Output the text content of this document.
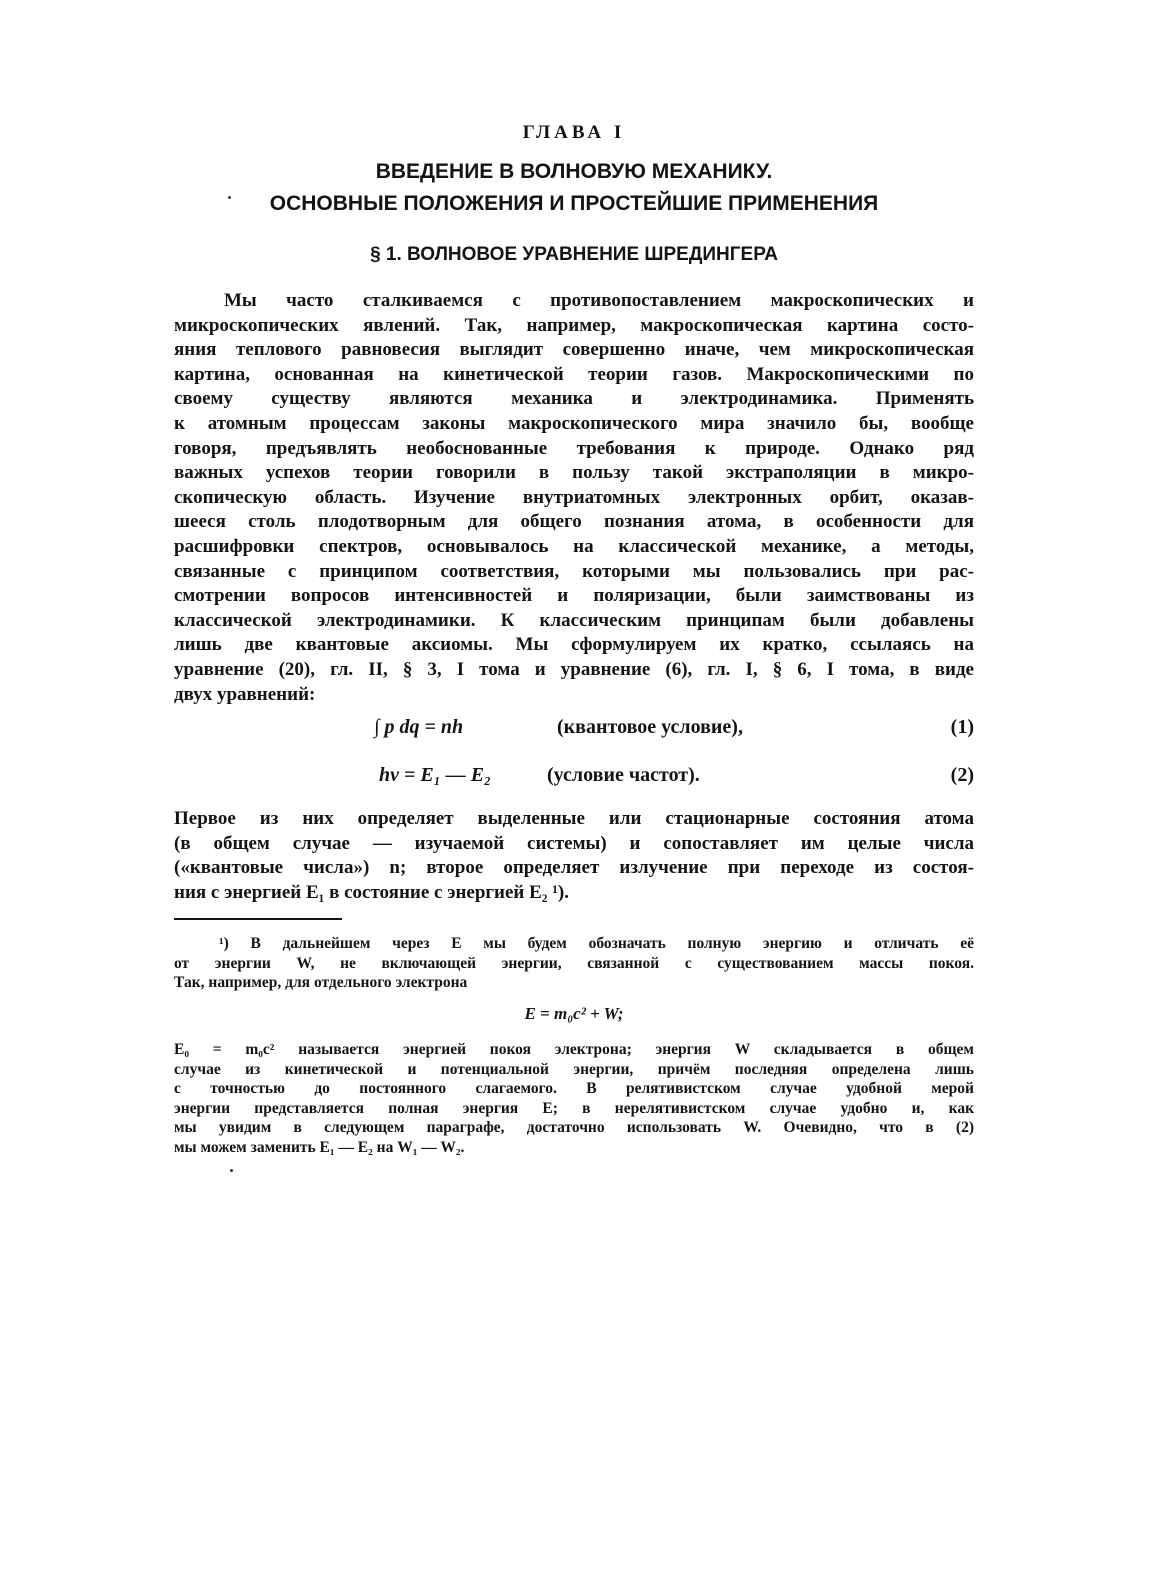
ГЛАВА I
ВВЕДЕНИЕ В ВОЛНОВУЮ МЕХАНИКУ.
ОСНОВНЫЕ ПОЛОЖЕНИЯ И ПРОСТЕЙШИЕ ПРИМЕНЕНИЯ
§ 1. ВОЛНОВОЕ УРАВНЕНИЕ ШРЕДИНГЕРА
Мы часто сталкиваемся с противопоставлением макроскопических и
микроскопических явлений. Так, например, макроскопическая картина состо-
яния теплового равновесия выглядит совершенно иначе, чем микроскопическая
картина, основанная на кинетической теории газов. Макроскопическими по
своему существу являются механика и электродинамика. Применять
к атомным процессам законы макроскопического мира значило бы, вообще
говоря, предъявлять необоснованные требования к природе. Однако ряд
важных успехов теории говорили в пользу такой экстраполяции в микро-
скопическую область. Изучение внутриатомных электронных орбит, оказав-
шееся столь плодотворным для общего познания атома, в особенности для
расшифровки спектров, основывалось на классической механике, а методы,
связанные с принципом соответствия, которыми мы пользовались при рас-
смотрении вопросов интенсивностей и поляризации, были заимствованы из
классической электродинамики. К классическим принципам были добавлены
лишь две квантовые аксиомы. Мы сформулируем их кратко, ссылаясь на
уравнение (20), гл. II, § 3, I тома и уравнение (6), гл. I, § 6, I тома, в виде
двух уравнений:
∫ p dq = nh	(квантовое условие),	(1)
hν = E₁ — E₂	(условие частот).	(2)
Первое из них определяет выделенные или стационарные состояния атома
(в общем случае — изучаемой системы) и сопоставляет им целые числа
(«квантовые числа») n; второе определяет излучение при переходе из состоя-
ния с энергией E₁ в состояние с энергией E₂ ¹).
¹) В дальнейшем через E мы будем обозначать полную энергию и отличать её
от энергии W, не включающей энергии, связанной с существованием массы покоя.
Так, например, для отдельного электрона
E = m₀c² + W;
E₀ = m₀c² называется энергией покоя электрона; энергия W складывается в общем
случае из кинетической и потенциальной энергии, причём последняя определена лишь
с точностью до постоянного слагаемого. В релятивистском случае удобной мерой
энергии представляется полная энергия E; в нерелятивистском случае удобно и, как
мы увидим в следующем параграфе, достаточно использовать W. Очевидно, что в (2)
мы можем заменить E₁ — E₂ на W₁ — W₂.
